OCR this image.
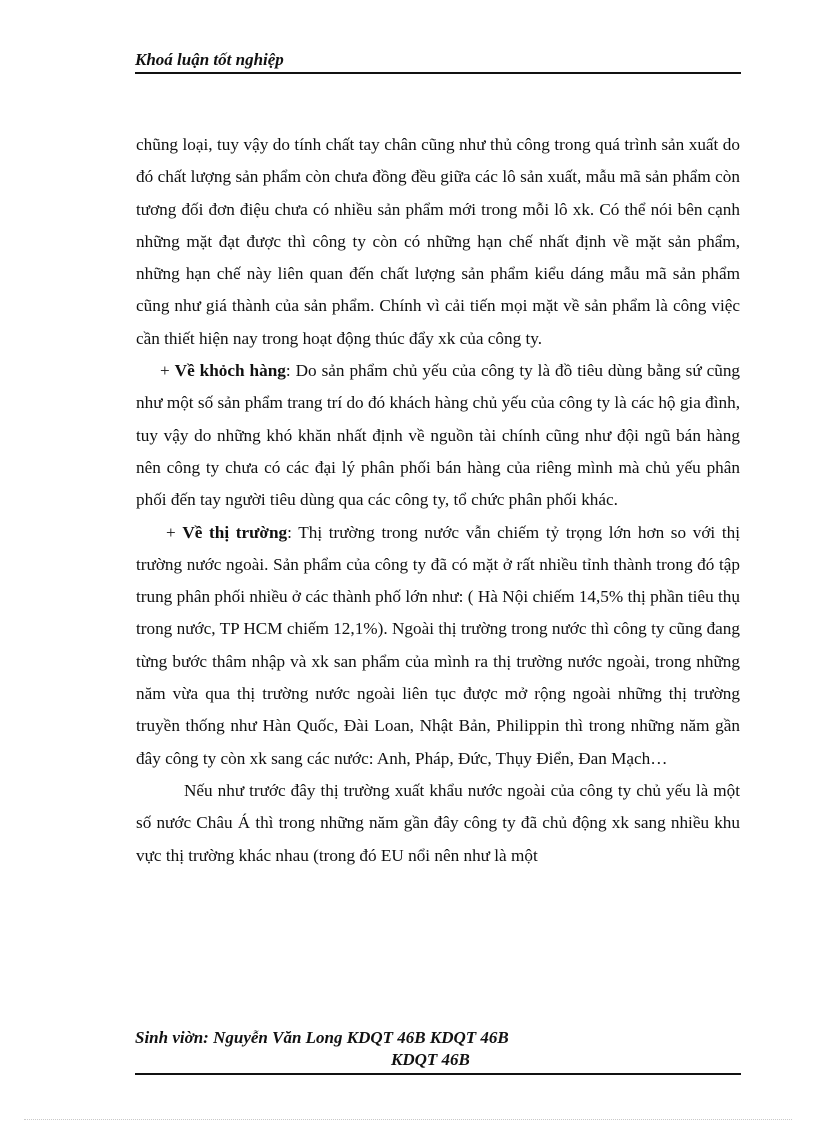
Khoá luận tốt nghiệp

chũng loại, tuy vậy do tính chất tay chân cũng như thủ công trong quá trình sản xuất do đó chất lượng sản phẩm còn chưa đồng đều giữa các lô sản xuất, mẫu mã sản phẩm còn tương đối đơn điệu chưa có nhiều sản phẩm mới trong mỗi lô xk. Có thể nói bên cạnh những mặt đạt được thì công ty còn có những hạn chế nhất định về mặt sản phẩm, những hạn chế này liên quan đến chất lượng sản phẩm kiểu dáng mẫu mã sản phẩm cũng như giá thành của sản phẩm. Chính vì cải tiến mọi mặt về sản phẩm là công việc cần thiết hiện nay trong hoạt động thúc đẩy xk của công ty.

+ Về khỏch hàng: Do sản phẩm chủ yếu của công ty là đồ tiêu dùng bằng sứ cũng như một số sản phẩm trang trí do đó khách hàng chủ yếu của công ty là các hộ gia đình, tuy vậy do những khó khăn nhất định về nguồn tài chính cũng như đội ngũ bán hàng nên công ty chưa có các đại lý phân phối bán hàng của riêng mình mà chủ yếu phân phối đến tay người tiêu dùng qua các công ty, tổ chức phân phối khác.

+ Về thị trường: Thị trường trong nước vẫn chiếm tỷ trọng lớn hơn so với thị trường nước ngoài. Sản phẩm của công ty đã có mặt ở rất nhiều tỉnh thành trong đó tập trung phân phối nhiều ở các thành phố lớn như: ( Hà Nội chiếm 14,5% thị phần tiêu thụ trong nước, TP HCM chiếm 12,1%). Ngoài thị trường trong nước thì công ty cũng đang từng bước thâm nhập và xk san phẩm của mình ra thị trường nước ngoài, trong những năm vừa qua thị trường nước ngoài liên tục được mở rộng ngoài những thị trường truyền thống như Hàn Quốc, Đài Loan, Nhật Bản, Philippin thì trong những năm gần đây công ty còn xk sang các nước: Anh, Pháp, Đức, Thụy Điển, Đan Mạch…

Nếu như trước đây thị trường xuất khẩu nước ngoài của công ty chủ yếu là một số nước Châu Á thì trong những năm gần đây công ty đã chủ động xk sang nhiều khu vực thị trường khác nhau (trong đó EU nổi nên như là một

Sinh viờn: Nguyễn Văn Long KDQT 46B KDQT 46B
KDQT 46B
